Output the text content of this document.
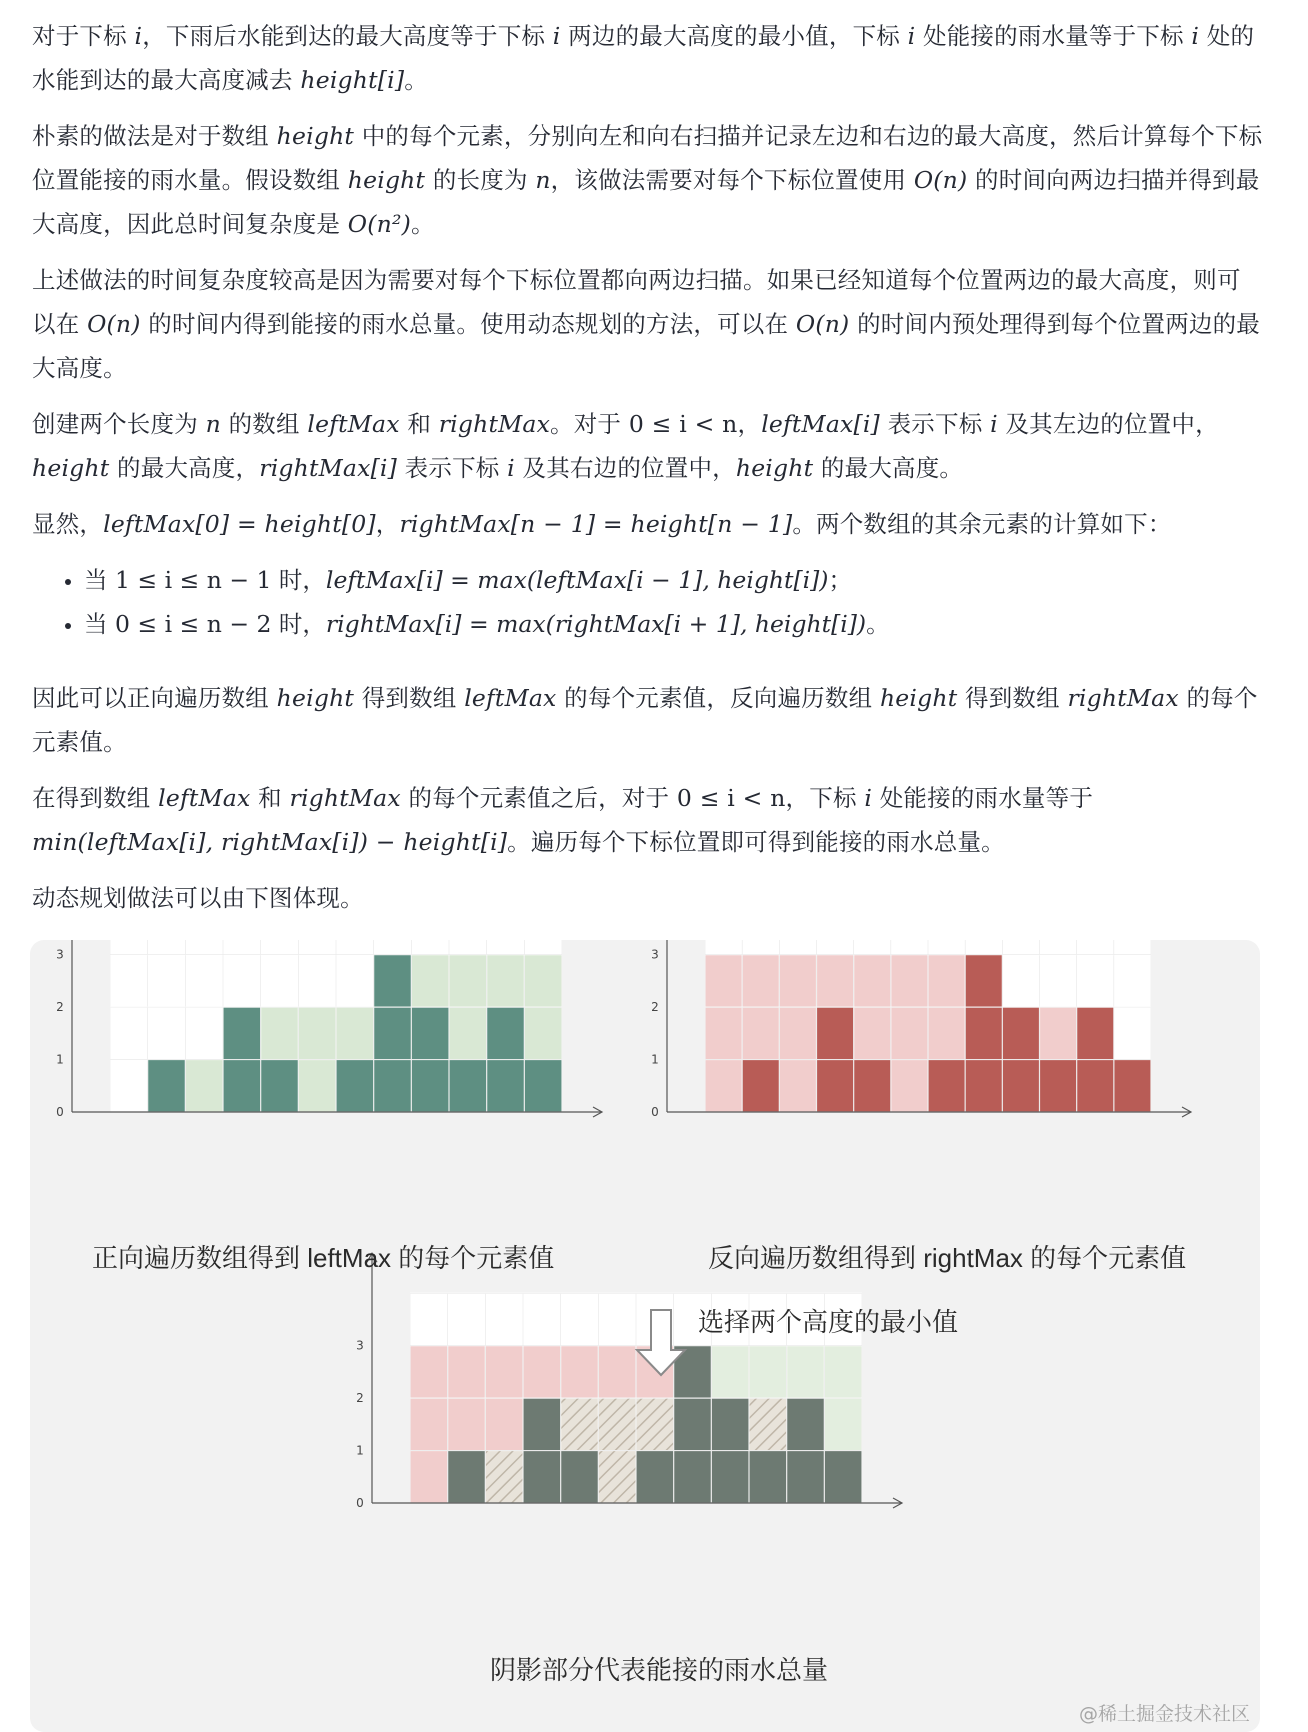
对于下标 i，下雨后水能到达的最大高度等于下标 i 两边的最大高度的最小值，下标 i 处能接的雨水量等于下标 i 处的水能到达的最大高度减去 height[i]。

朴素的做法是对于数组 height 中的每个元素，分别向左和向右扫描并记录左边和右边的最大高度，然后计算每个下标位置能接的雨水量。假设数组 height 的长度为 n，该做法需要对每个下标位置使用 O(n) 的时间向两边扫描并得到最大高度，因此总时间复杂度是 O(n²)。

上述做法的时间复杂度较高是因为需要对每个下标位置都向两边扫描。如果已经知道每个位置两边的最大高度，则可以在 O(n) 的时间内得到能接的雨水总量。使用动态规划的方法，可以在 O(n) 的时间内预处理得到每个位置两边的最大高度。

创建两个长度为 n 的数组 leftMax 和 rightMax。对于 0 ≤ i < n，leftMax[i] 表示下标 i 及其左边的位置中，height 的最大高度，rightMax[i] 表示下标 i 及其右边的位置中，height 的最大高度。

显然，leftMax[0] = height[0]，rightMax[n − 1] = height[n − 1]。两个数组的其余元素的计算如下：

• 当 1 ≤ i ≤ n − 1 时，leftMax[i] = max(leftMax[i − 1], height[i])；
• 当 0 ≤ i ≤ n − 2 时，rightMax[i] = max(rightMax[i + 1], height[i])。

因此可以正向遍历数组 height 得到数组 leftMax 的每个元素值，反向遍历数组 height 得到数组 rightMax 的每个元素值。

在得到数组 leftMax 和 rightMax 的每个元素值之后，对于 0 ≤ i < n，下标 i 处能接的雨水量等于 min(leftMax[i], rightMax[i]) − height[i]。遍历每个下标位置即可得到能接的雨水总量。

动态规划做法可以由下图体现。

0
1
2
3
0
1
2
3
0
1
2
3
正向遍历数组得到 leftMax 的每个元素值	反向遍历数组得到 rightMax 的每个元素值
选择两个高度的最小值
阴影部分代表能接的雨水总量
@稀土掘金技术社区
